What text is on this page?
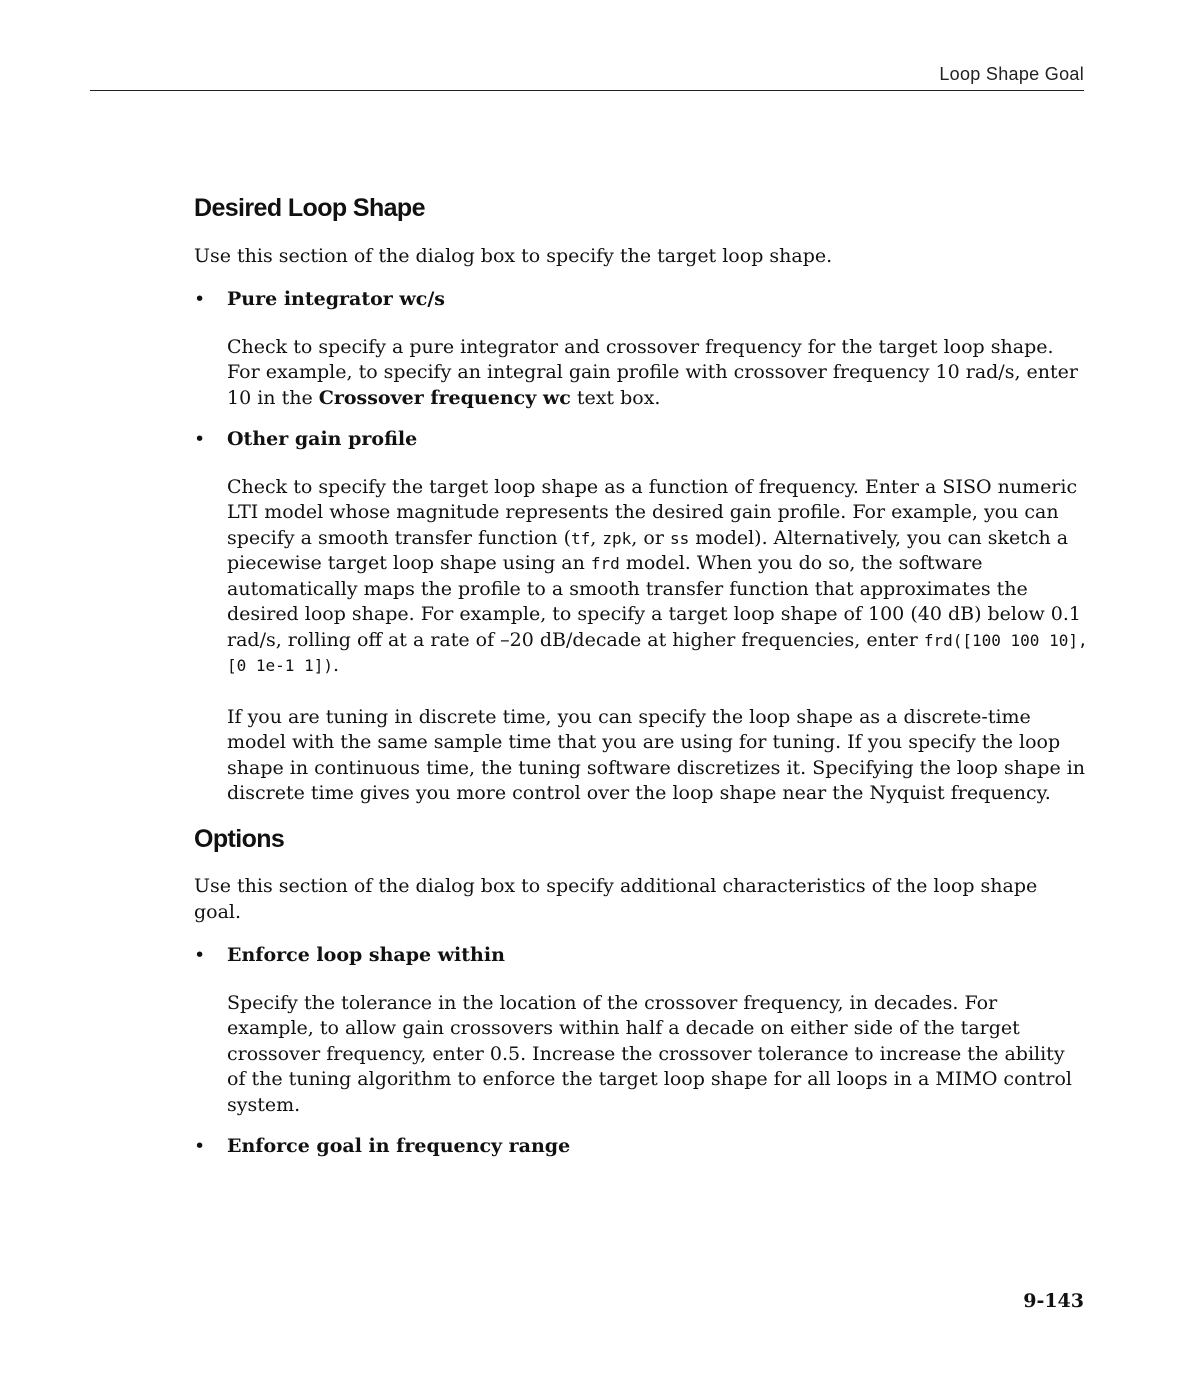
Loop Shape Goal
Desired Loop Shape

Use this section of the dialog box to specify the target loop shape.

• Pure integrator wc/s

Check to specify a pure integrator and crossover frequency for the target loop shape. For example, to specify an integral gain profile with crossover frequency 10 rad/s, enter 10 in the Crossover frequency wc text box.

• Other gain profile

Check to specify the target loop shape as a function of frequency. Enter a SISO numeric LTI model whose magnitude represents the desired gain profile. For example, you can specify a smooth transfer function (tf, zpk, or ss model). Alternatively, you can sketch a piecewise target loop shape using an frd model. When you do so, the software automatically maps the profile to a smooth transfer function that approximates the desired loop shape. For example, to specify a target loop shape of 100 (40 dB) below 0.1 rad/s, rolling off at a rate of –20 dB/decade at higher frequencies, enter frd([100 100 10],[0 1e-1 1]).

If you are tuning in discrete time, you can specify the loop shape as a discrete-time model with the same sample time that you are using for tuning. If you specify the loop shape in continuous time, the tuning software discretizes it. Specifying the loop shape in discrete time gives you more control over the loop shape near the Nyquist frequency.

Options

Use this section of the dialog box to specify additional characteristics of the loop shape goal.

• Enforce loop shape within

Specify the tolerance in the location of the crossover frequency, in decades. For example, to allow gain crossovers within half a decade on either side of the target crossover frequency, enter 0.5. Increase the crossover tolerance to increase the ability of the tuning algorithm to enforce the target loop shape for all loops in a MIMO control system.

• Enforce goal in frequency range
9-143
